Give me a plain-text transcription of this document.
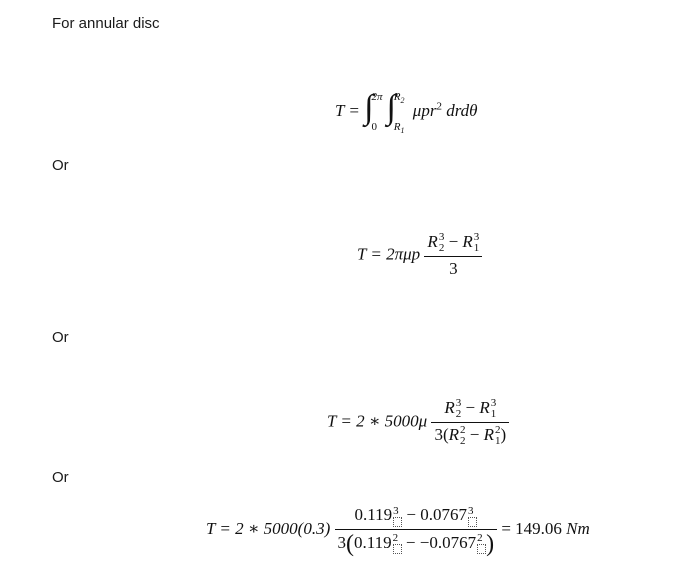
For annular disc
T = ∫
2π
0
∫
$R_2$
$R_1$
μpr$^2$ drdθ
Or
T = 2πμp R 3
2 − R 3
1
3
Or
T = 2 ∗ 5000μ R 3
2 − R 3
1
3(R 2
2 − R 2
1 )
Or
T = 2 ∗ $5000(0.3) \frac{0.119 3 - 0.0767 3}{3(0.119 2 - -0.0767 2 )} = 149.06$ Nm
